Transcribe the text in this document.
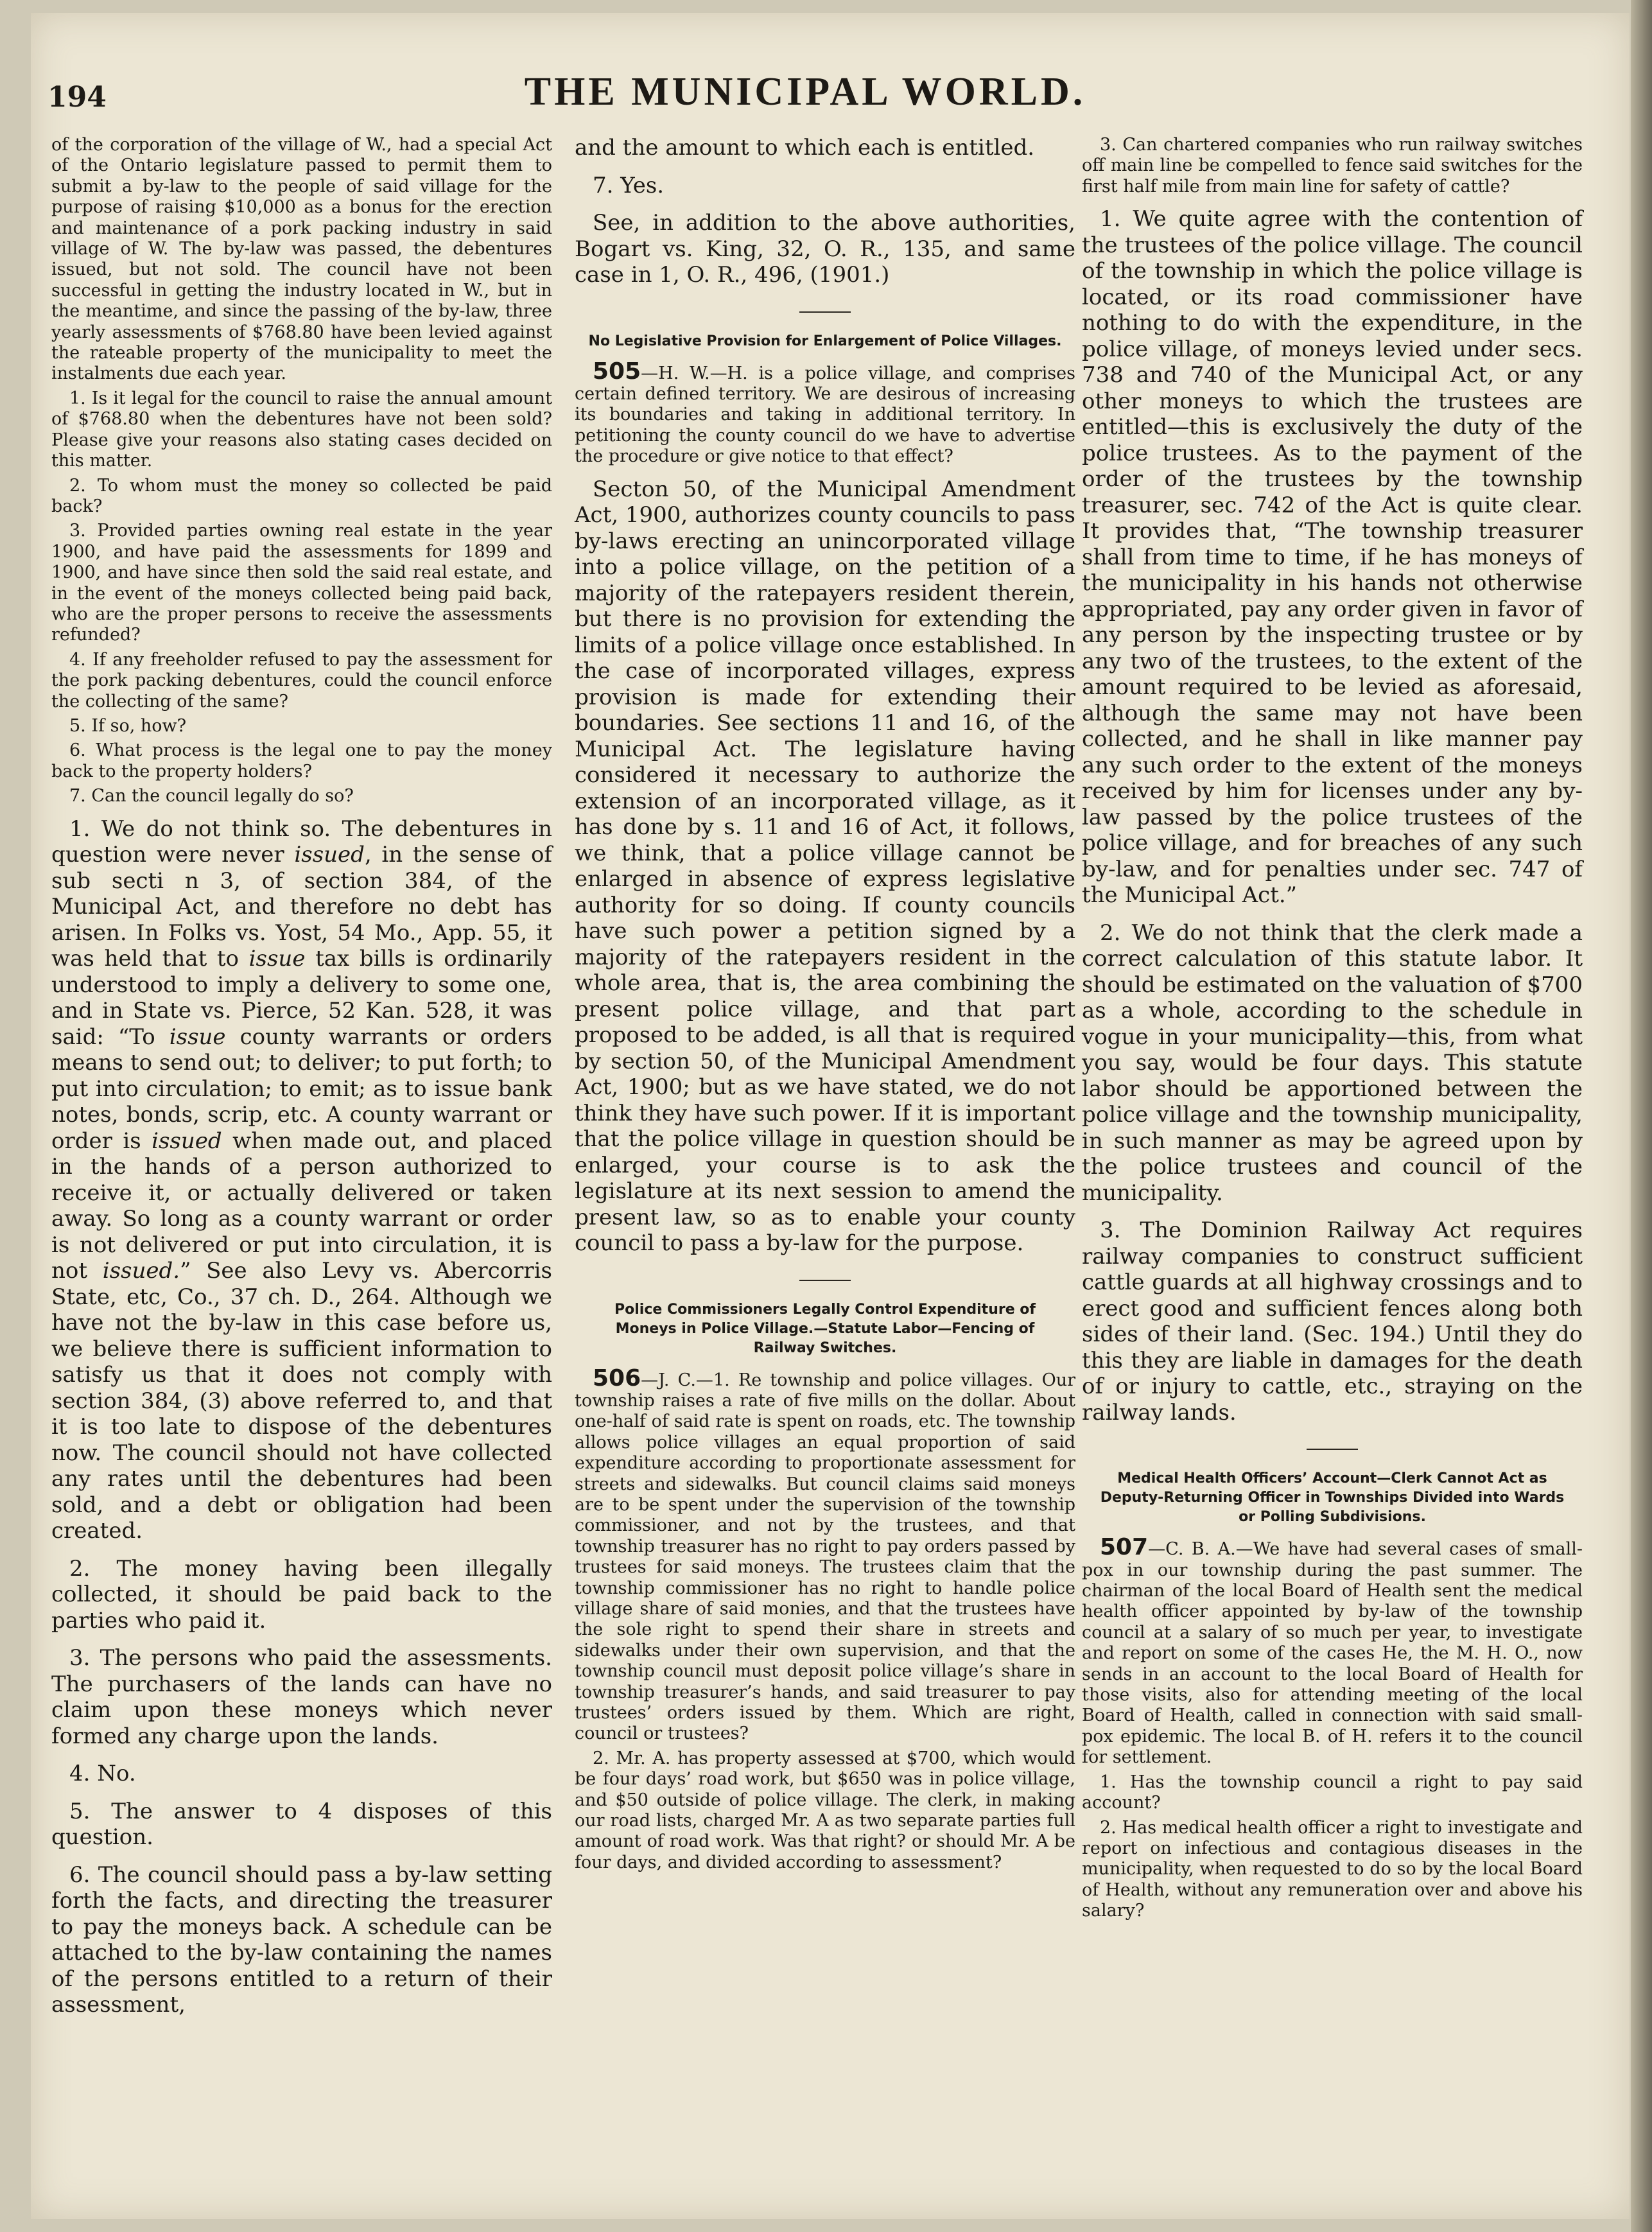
194	THE MUNICIPAL WORLD.

of the corporation of the village of W., had a special Act of the Ontario legislature passed to permit them to submit a by-law to the people of said village for the purpose of raising $10,000 as a bonus for the erection and maintenance of a pork packing industry in said village of W. The by-law was passed, the debentures issued, but not sold. The council have not been successful in getting the industry located in W., but in the meantime, and since the passing of the by-law, three yearly assessments of $768.80 have been levied against the rateable property of the municipality to meet the instalments due each year.

1. Is it legal for the council to raise the annual amount of $768.80 when the debentures have not been sold? Please give your reasons also stating cases decided on this matter.

2. To whom must the money so collected be paid back?

3. Provided parties owning real estate in the year 1900, and have paid the assessments for 1899 and 1900, and have since then sold the said real estate, and in the event of the moneys collected being paid back, who are the proper persons to receive the assessments refunded?

4. If any freeholder refused to pay the assessment for the pork packing debentures, could the council enforce the collecting of the same?

5. If so, how?

6. What process is the legal one to pay the money back to the property holders?

7. Can the council legally do so?

1. We do not think so. The debentures in question were never issued, in the sense of sub secti n 3, of section 384, of the Municipal Act, and therefore no debt has arisen. In Folks vs. Yost, 54 Mo., App. 55, it was held that to issue tax bills is ordinarily understood to imply a delivery to some one, and in State vs. Pierce, 52 Kan. 528, it was said: “To issue county warrants or orders means to send out; to deliver; to put forth; to put into circulation; to emit; as to issue bank notes, bonds, scrip, etc. A county warrant or order is issued when made out, and placed in the hands of a person authorized to receive it, or actually delivered or taken away. So long as a county warrant or order is not delivered or put into circulation, it is not issued.” See also Levy vs. Abercorris State, etc, Co., 37 ch. D., 264. Although we have not the by-law in this case before us, we believe there is sufficient information to satisfy us that it does not comply with section 384, (3) above referred to, and that it is too late to dispose of the debentures now. The council should not have collected any rates until the debentures had been sold, and a debt or obligation had been created.

2. The money having been illegally collected, it should be paid back to the parties who paid it.

3. The persons who paid the assessments. The purchasers of the lands can have no claim upon these moneys which never formed any charge upon the lands.

4. No.

5. The answer to 4 disposes of this question.

6. The council should pass a by-law setting forth the facts, and directing the treasurer to pay the moneys back. A schedule can be attached to the by-law containing the names of the persons entitled to a return of their assessment,

and the amount to which each is entitled.

7. Yes.

See, in addition to the above authorities, Bogart vs. King, 32, O. R., 135, and same case in 1, O. R., 496, (1901.)

No Legislative Provision for Enlargement of Police Villages.

505—H. W.—H. is a police village, and comprises certain defined territory. We are desirous of increasing its boundaries and taking in additional territory. In petitioning the county council do we have to advertise the procedure or give notice to that effect?

Secton 50, of the Municipal Amendment Act, 1900, authorizes county councils to pass by-laws erecting an unincorporated village into a police village, on the petition of a majority of the ratepayers resident therein, but there is no provision for extending the limits of a police village once established. In the case of incorporated villages, express provision is made for extending their boundaries. See sections 11 and 16, of the Municipal Act. The legislature having considered it necessary to authorize the extension of an incorporated village, as it has done by s. 11 and 16 of Act, it follows, we think, that a police village cannot be enlarged in absence of express legislative authority for so doing. If county councils have such power a petition signed by a majority of the ratepayers resident in the whole area, that is, the area combining the present police village, and that part proposed to be added, is all that is required by section 50, of the Municipal Amendment Act, 1900; but as we have stated, we do not think they have such power. If it is important that the police village in question should be enlarged, your course is to ask the legislature at its next session to amend the present law, so as to enable your county council to pass a by-law for the purpose.

Police Commissioners Legally Control Expenditure of Moneys in Police Village.—Statute Labor—Fencing of Railway Switches.

506—J. C.—1. Re township and police villages. Our township raises a rate of five mills on the dollar. About one-half of said rate is spent on roads, etc. The township allows police villages an equal proportion of said expenditure according to proportionate assessment for streets and sidewalks. But council claims said moneys are to be spent under the supervision of the township commissioner, and not by the trustees, and that township treasurer has no right to pay orders passed by trustees for said moneys. The trustees claim that the township commissioner has no right to handle police village share of said monies, and that the trustees have the sole right to spend their share in streets and sidewalks under their own supervision, and that the township council must deposit police village’s share in township treasurer’s hands, and said treasurer to pay trustees’ orders issued by them. Which are right, council or trustees?

2. Mr. A. has property assessed at $700, which would be four days’ road work, but $650 was in police village, and $50 outside of police village. The clerk, in making our road lists, charged Mr. A as two separate parties full amount of road work. Was that right? or should Mr. A be four days, and divided according to assessment?

3. Can chartered companies who run railway switches off main line be compelled to fence said switches for the first half mile from main line for safety of cattle?

1. We quite agree with the contention of the trustees of the police village. The council of the township in which the police village is located, or its road commissioner have nothing to do with the expenditure, in the police village, of moneys levied under secs. 738 and 740 of the Municipal Act, or any other moneys to which the trustees are entitled—this is exclusively the duty of the police trustees. As to the payment of the order of the trustees by the township treasurer, sec. 742 of the Act is quite clear. It provides that, “The township treasurer shall from time to time, if he has moneys of the municipality in his hands not otherwise appropriated, pay any order given in favor of any person by the inspecting trustee or by any two of the trustees, to the extent of the amount required to be levied as aforesaid, although the same may not have been collected, and he shall in like manner pay any such order to the extent of the moneys received by him for licenses under any by-law passed by the police trustees of the police village, and for breaches of any such by-law, and for penalties under sec. 747 of the Municipal Act.”

2. We do not think that the clerk made a correct calculation of this statute labor. It should be estimated on the valuation of $700 as a whole, according to the schedule in vogue in your municipality—this, from what you say, would be four days. This statute labor should be apportioned between the police village and the township municipality, in such manner as may be agreed upon by the police trustees and council of the municipality.

3. The Dominion Railway Act requires railway companies to construct sufficient cattle guards at all highway crossings and to erect good and sufficient fences along both sides of their land. (Sec. 194.) Until they do this they are liable in damages for the death of or injury to cattle, etc., straying on the railway lands.

Medical Health Officers’ Account—Clerk Cannot Act as Deputy-Returning Officer in Townships Divided into Wards or Polling Subdivisions.

507—C. B. A.—We have had several cases of small-pox in our township during the past summer. The chairman of the local Board of Health sent the medical health officer appointed by by-law of the township council at a salary of so much per year, to investigate and report on some of the cases He, the M. H. O., now sends in an account to the local Board of Health for those visits, also for attending meeting of the local Board of Health, called in connection with said small-pox epidemic. The local B. of H. refers it to the council for settlement.

1. Has the township council a right to pay said account?

2. Has medical health officer a right to investigate and report on infectious and contagious diseases in the municipality, when requested to do so by the local Board of Health, without any remuneration over and above his salary?
